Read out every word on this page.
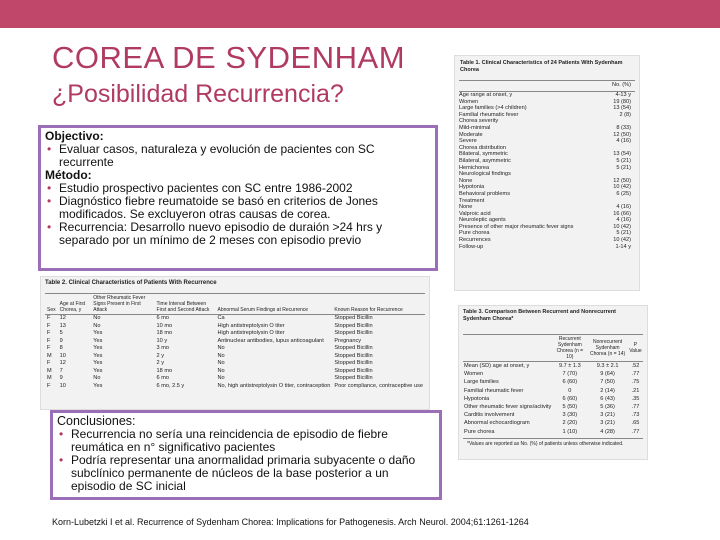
COREA DE SYDENHAM
¿Posibilidad Recurrencia?
Objectivo:
• Evaluar casos, naturaleza y evolución de pacientes con SC recurrente
Método:
• Estudio prospectivo pacientes con SC entre 1986-2002
• Diagnóstico fiebre reumatoide se basó en criterios de Jones modificados. Se excluyeron otras causas de corea.
• Recurrencia: Desarrollo nuevo episodio de duraión >24 hrs y separado por un mínimo de 2 meses con episodio previo
Table 1. Clinical Characteristics of 24 Patients With Sydenham Chorea
No. (%)
Age range at onset, y	4-13 y
Women	19 (80)
Large families (>4 children)	13 (54)
Familial rheumatic fever	2 (8)
Chorea severity
Mild-minimal	8 (33)
Moderate	12 (50)
Severe	4 (16)
Chorea distribution
Bilateral, symmetric	13 (54)
Bilateral, asymmetric	5 (21)
Hemichorea	5 (21)
Neurological findings
None	12 (50)
Hypotonia	10 (42)
Behavioral problems	6 (25)
Treatment
None	4 (16)
Valproic acid	16 (66)
Neuroleptic agents	4 (16)
Presence of other major rheumatic fever signs	10 (42)
Pure chorea	5 (21)
Recurrences	10 (42)
Follow-up	1-14 y
Table 2. Clinical Characteristics of Patients With Recurrence
Sex	Age at First Chorea, y	Other Rheumatic Fever Signs Present in First Attack	Time Interval Between First and Second Attack	Abnormal Serum Findings at Recurrence	Known Reason for Recurrence
F	12	No	6 mo	Ca	Stopped Bicillin
F	13	No	10 mo	High antistreptolysin O titer	Stopped Bicillin
F	5	Yes	18 mo	High antistreptolysin O titer	Stopped Bicillin
F	9	Yes	10 y	Antinuclear antibodies, lupus anticoagulant	Pregnancy
F	8	Yes	3 mo	No	Stopped Bicillin
M	10	Yes	2 y	No	Stopped Bicillin
F	12	Yes	2 y	No	Stopped Bicillin
M	7	Yes	18 mo	No	Stopped Bicillin
M	9	No	6 mo	No	Stopped Bicillin
F	10	Yes	6 mo, 2.5 y	No, high antistreptolysin O titer, contraception	Poor compliance, contraceptive use
Table 3. Comparison Between Recurrent and Nonrecurrent Sydenham Chorea*
	Recurrent Sydenham Chorea (n = 10)	Nonrecurrent Sydenham Chorea (n = 14)	P Value
Mean (SD) age at onset, y	9.7 ± 1.3	9.3 ± 2.1	.52
Women	7 (70)	9 (64)	.77
Large families	6 (60)	7 (50)	.75
Familial rheumatic fever	0	2 (14)	.21
Hypotonia	6 (60)	6 (43)	.35
Other rheumatic fever signs/activity	5 (50)	5 (36)	.77
Carditis involvement	3 (30)	3 (21)	.73
Abnormal echocardiogram	2 (20)	3 (21)	.65
Pure chorea	1 (10)	4 (28)	.77
*Values are reported as No. (%) of patients unless otherwise indicated.
Conclusiones:
• Recurrencia no sería una reincidencia de episodio de fiebre reumática en n° significativo pacientes
• Podría representar una anormalidad primaria subyacente o daño subclínico permanente de núcleos de la base posterior a un episodio de SC inicial
Korn-Lubetzki I et al. Recurrence of Sydenham Chorea: Implications for Pathogenesis. Arch Neurol. 2004;61:1261-1264
